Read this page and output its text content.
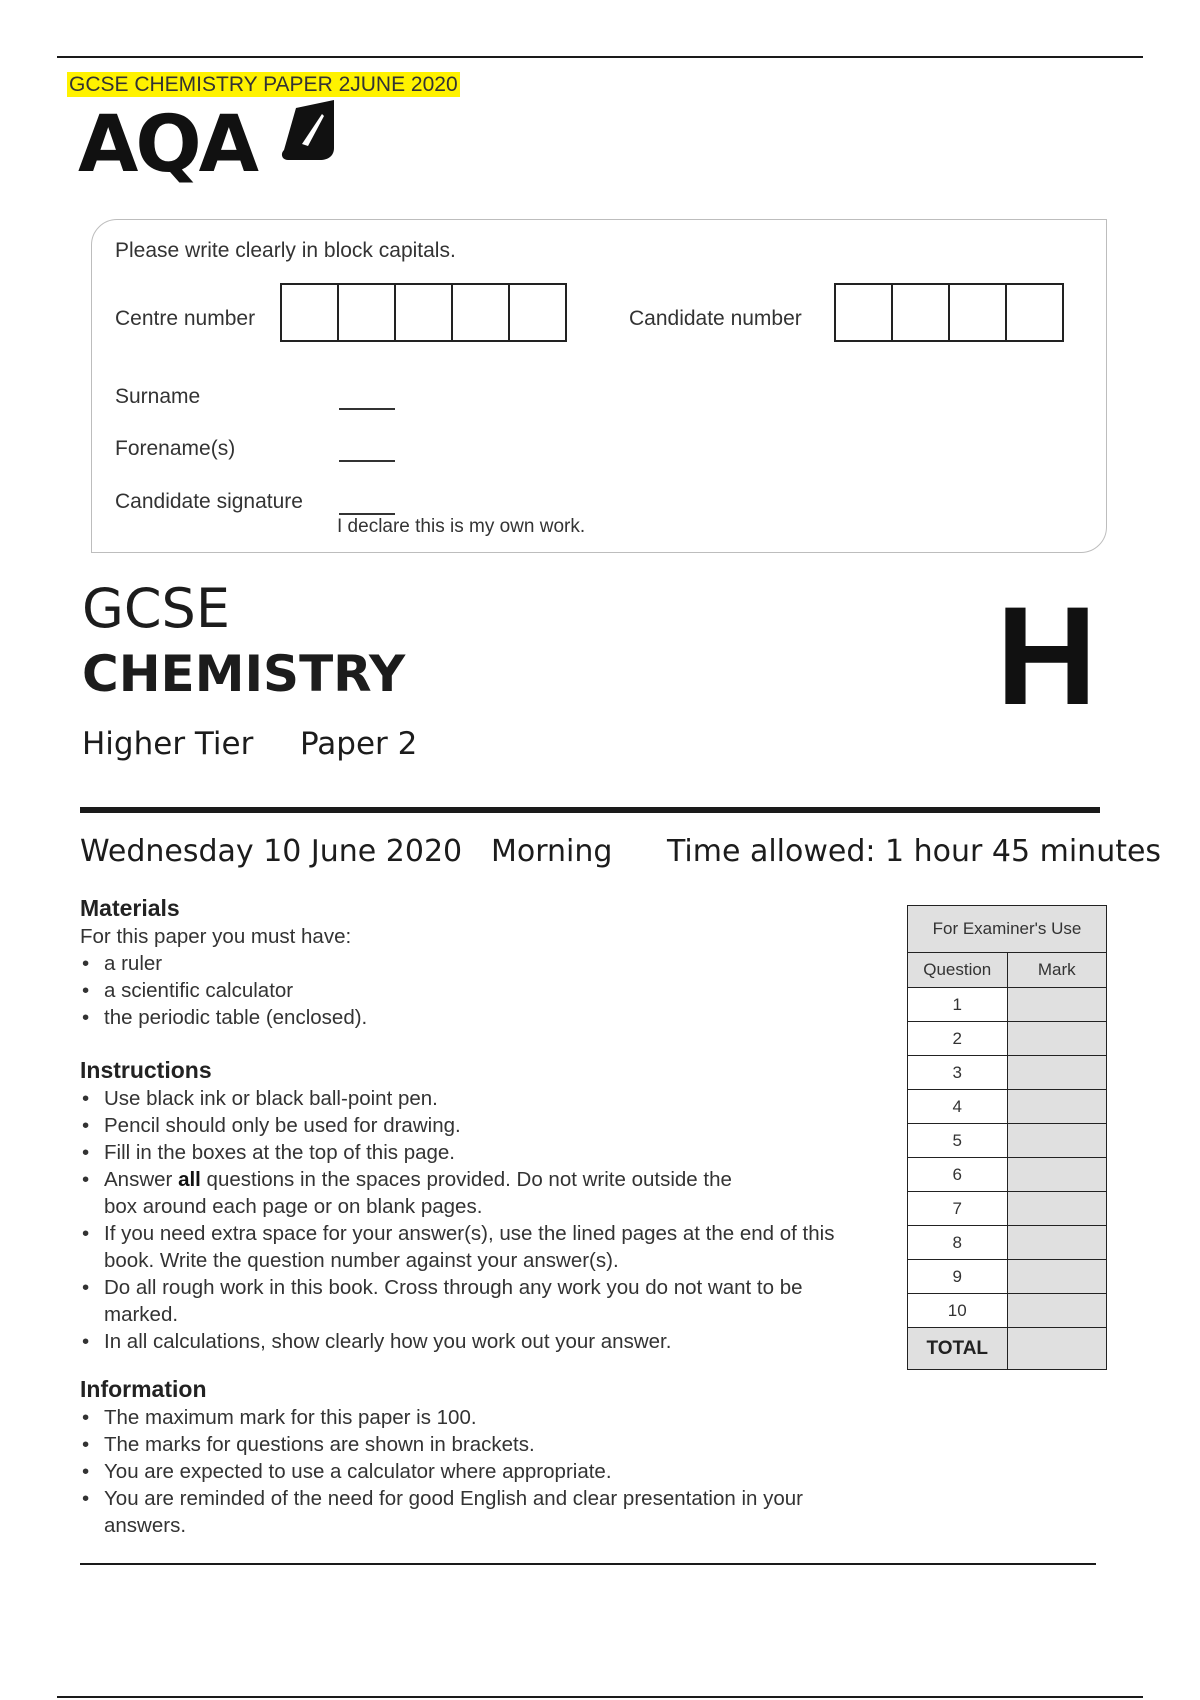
GCSE CHEMISTRY PAPER 2JUNE 2020
AQA
Please write clearly in block capitals.
Centre number	Candidate number
Surname
Forename(s)
Candidate signature
I declare this is my own work.
GCSE
CHEMISTRY
Higher Tier Paper 2
H
Wednesday 10 June 2020 Morning Time allowed: 1 hour 45 minutes
Materials
For this paper you must have:
• a ruler
• a scientific calculator
• the periodic table (enclosed).
Instructions
• Use black ink or black ball-point pen.
• Pencil should only be used for drawing.
• Fill in the boxes at the top of this page.
• Answer all questions in the spaces provided. Do not write outside the box around each page or on blank pages.
• If you need extra space for your answer(s), use the lined pages at the end of this book. Write the question number against your answer(s).
• Do all rough work in this book. Cross through any work you do not want to be marked.
• In all calculations, show clearly how you work out your answer.
Information
• The maximum mark for this paper is 100.
• The marks for questions are shown in brackets.
• You are expected to use a calculator where appropriate.
• You are reminded of the need for good English and clear presentation in your answers.
For Examiner's Use	
Question	Mark
1	
2	
3	
4	
5	
6	
7	
8	
9	
10	
TOTAL	
